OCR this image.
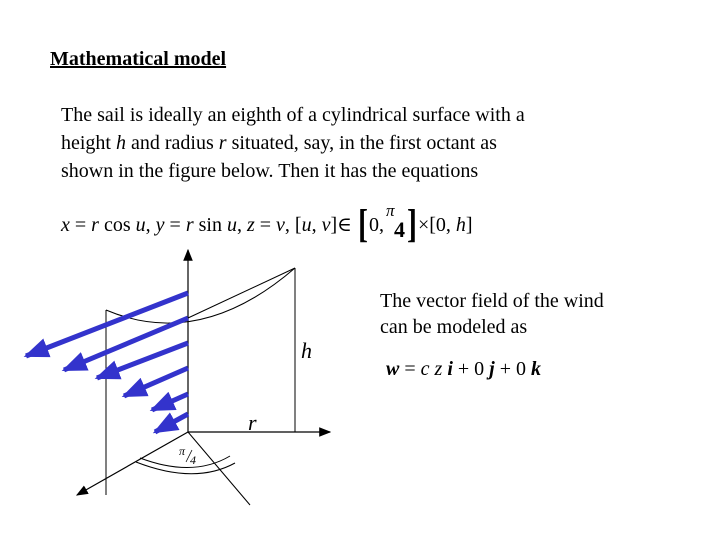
Mathematical model

The sail is ideally an eighth of a cylindrical surface with a

height h and radius r situated, say, in the first octant as

shown in the figure below. Then it has the equations

x = r cos u, y = r sin u, z = v, [u, v]∈ [0,
π
4 ]×[0, h]
h
r
π
4

The vector field of the wind

can be modeled as

w = c z i + 0 j + 0 k
